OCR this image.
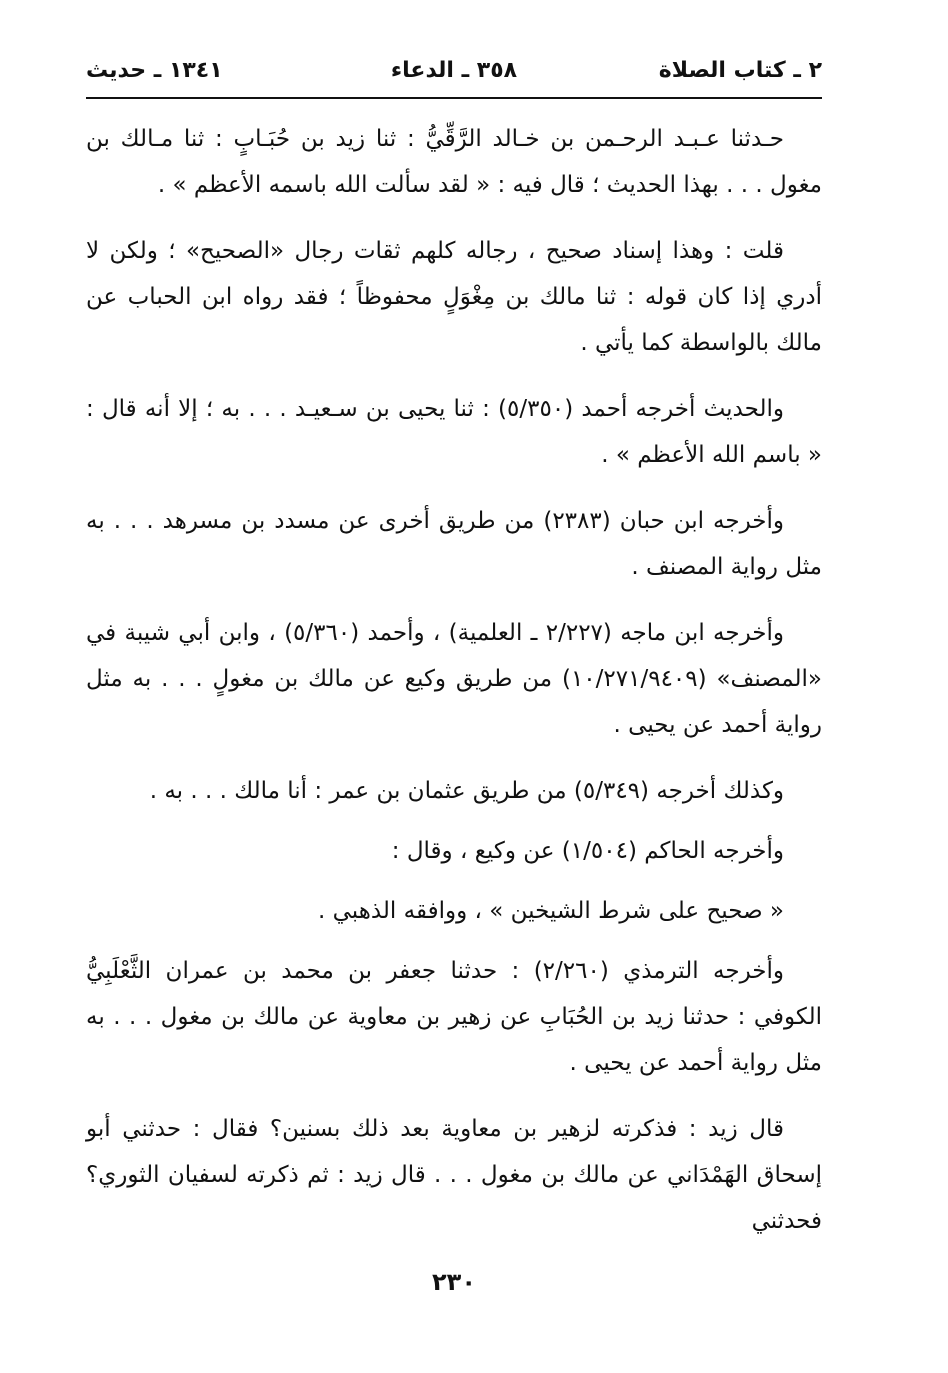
٢ ـ كتاب الصلاة
٣٥٨ ـ الدعاء
١٣٤١ ـ حديث

حـدثنا عـبـد الرحـمن بن خـالد الرَّقِّيُّ : ثنا زيد بن حُبَـابٍ : ثنا مـالك بن مغول . . . بهذا الحديث ؛ قال فيه : « لقد سألت الله باسمه الأعظم » .

قلت : وهذا إسناد صحيح ، رجاله كلهم ثقات رجال «الصحيح» ؛ ولكن لا أدري إذا كان قوله : ثنا مالك بن مِغْوَلٍ محفوظاً ؛ فقد رواه ابن الحباب عن مالك بالواسطة كما يأتي .

والحديث أخرجه أحمد (٥/٣٥٠) : ثنا يحيى بن سـعيـد . . . به ؛ إلا أنه قال : « باسم الله الأعظم » .

وأخرجه ابن حبان (٢٣٨٣) من طريق أخرى عن مسدد بن مسرهد . . . به مثل رواية المصنف .

وأخرجه ابن ماجه (٢/٢٢٧ ـ العلمية) ، وأحمد (٥/٣٦٠) ، وابن أبي شيبة في «المصنف» (١٠/٢٧١/٩٤٠٩) من طريق وكيع عن مالك بن مغولٍ . . . به مثل رواية أحمد عن يحيى .

وكذلك أخرجه (٥/٣٤٩) من طريق عثمان بن عمر : أنا مالك . . . به .

وأخرجه الحاكم (١/٥٠٤) عن وكيع ، وقال :

« صحيح على شرط الشيخين » ، ووافقه الذهبي .

وأخرجه الترمذي (٢/٢٦٠) : حدثنا جعفر بن محمد بن عمران الثَّعْلَبِيُّ الكوفي : حدثنا زيد بن الحُبَابِ عن زهير بن معاوية عن مالك بن مغول . . . به مثل رواية أحمد عن يحيى .

قال زيد : فذكرته لزهير بن معاوية بعد ذلك بسنين؟ فقال : حدثني أبو إسحاق الهَمْدَاني عن مالك بن مغول . . . قال زيد : ثم ذكرته لسفيان الثوري؟ فحدثني

٢٣٠
